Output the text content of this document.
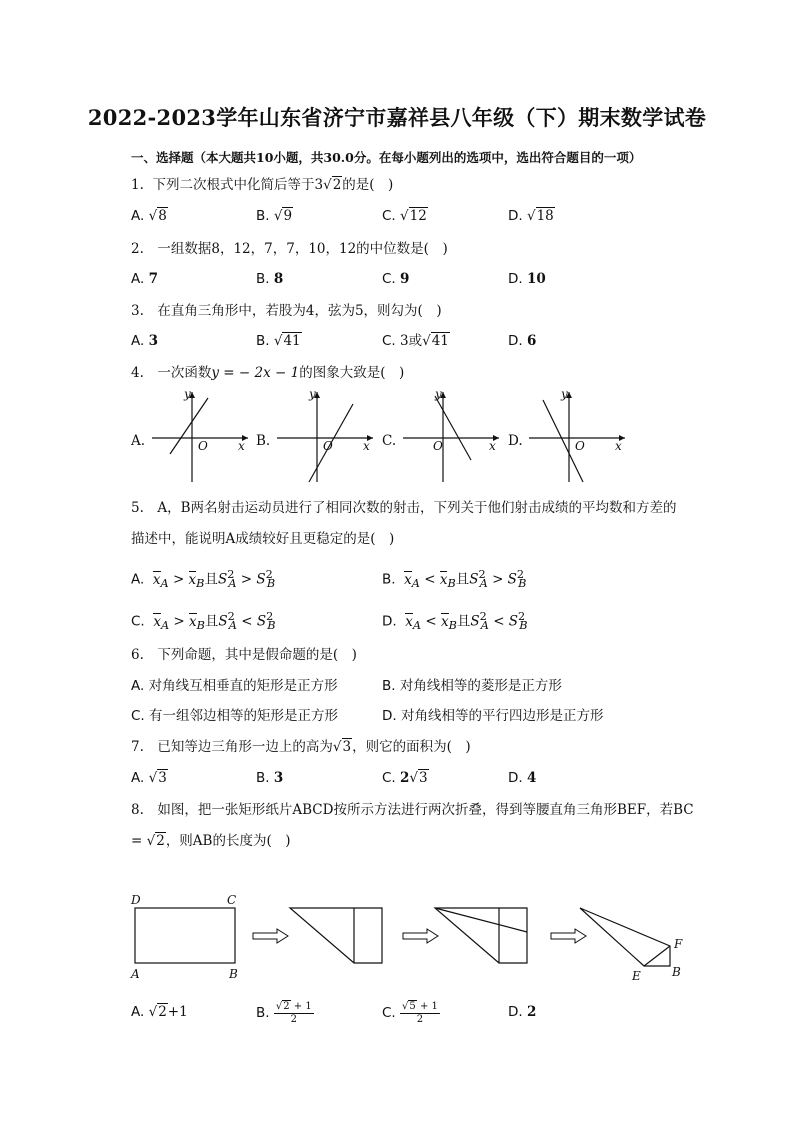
2022-2023学年山东省济宁市嘉祥县八年级（下）期末数学试卷
一、选择题（本大题共10小题，共30.0分。在每小题列出的选项中，选出符合题目的一项）
1. 下列二次根式中化简后等于3√2的是(　)
A. √8	B. √9	C. √12	D. √18
2.　一组数据8，12，7，7，10，12的中位数是(　)
A. 7	B. 8	C. 9	D. 10
3.　在直角三角形中，若股为4，弦为5，则勾为(　)
A. 3	B. √41	C. 3或√41	D. 6
4.　一次函数y = − 2x − 1的图象大致是(　)
A.	B.	C.	D.
y
O	x
y
O	x
y
O	x
y
O	x
5.　A，B两名射击运动员进行了相同次数的射击，下列关于他们射击成绩的平均数和方差的
描述中，能说明A成绩较好且更稳定的是(　)
A. $x_A > x_B$且$S^2_A > S^2_B$	B. $x_A < x_B$且$S^2_A > S^2_B$
C. $x_A > x_B$且$S^2_A < S^2_B$	D. $x_A < x_B$且$S^2_A < S^2_B$
6.　下列命题，其中是假命题的是(　)
A. 对角线互相垂直的矩形是正方形	B. 对角线相等的菱形是正方形
C. 有一组邻边相等的矩形是正方形	D. 对角线相等的平行四边形是正方形
7.　已知等边三角形一边上的高为√3，则它的面积为(　)
A. √3	B. 3	C. 2√3	D. 4
8.　如图，把一张矩形纸片ABCD按所示方法进行两次折叠，得到等腰直角三角形BEF，若BC
= √2，则AB的长度为(　)
D	C
A	B
F
B
E
A. √2+1	B. $\frac{√2 + 1}{2}$	C. $\frac{√5 + 1}{2}$	D. 2
